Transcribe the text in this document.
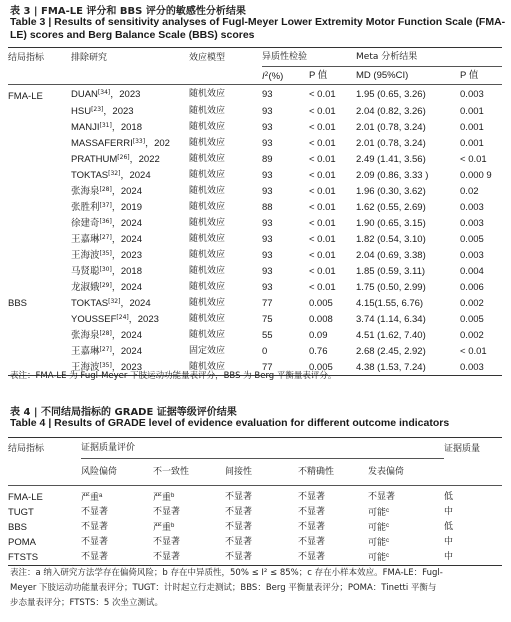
表 3 | FMA-LE 评分和 BBS 评分的敏感性分析结果
Table 3 | Results of sensitivity analyses of Fugl-Meyer Lower Extremity Motor Function Scale (FMA-
LE) scores and Berg Balance Scale (BBS) scores
结局指标	排除研究	效应模型	异质性检验		Meta 分析结果	
			$I^2(\%)$	P 值	MD (95%CI)	P 值
FMA-LE	DUAN[34]，2023	随机效应	93	< 0.01	1.95 (0.65, 3.26)	0.003
	HSU[23]，2023	随机效应	93	< 0.01	2.04 (0.82, 3.26)	0.001
	MANJI[31]，2018	随机效应	93	< 0.01	2.01 (0.78, 3.24)	0.001
	MASSAFERRI[33]，202	随机效应	93	< 0.01	2.01 (0.78, 3.24)	0.001
	PRATHUM[26]，2022	随机效应	89	< 0.01	2.49 (1.41, 3.56)	< 0.01
	TOKTAS[32]，2024	随机效应	93	< 0.01	2.09 (0.86, 3.33 )	0.000 9
	张海泉[28]，2024	随机效应	93	< 0.01	1.96 (0.30, 3.62)	0.02
	张胜利[37]，2019	随机效应	88	< 0.01	1.62 (0.55, 2.69)	0.003
	徐建奇[36]，2024	随机效应	93	< 0.01	1.90 (0.65, 3.15)	0.003
	王嘉琳[27]，2024	随机效应	93	< 0.01	1.82 (0.54, 3.10)	0.005
	王海波[35]，2023	随机效应	93	< 0.01	2.04 (0.69, 3.38)	0.003
	马贤聪[30]，2018	随机效应	93	< 0.01	1.85 (0.59, 3.11)	0.004
	龙淑娥[29]，2024	随机效应	93	< 0.01	1.75 (0.50, 2.99)	0.006
BBS	TOKTAS[32]，2024	随机效应	77	0.005	4.15(1.55, 6.76)	0.002
	YOUSSEF[24]，2023	随机效应	75	0.008	3.74 (1.14, 6.34)	0.005
	张海泉[28]，2024	随机效应	55	0.09	4.51 (1.62, 7.40)	0.002
	王嘉琳[27]，2024	固定效应	0	0.76	2.68 (2.45, 2.92)	< 0.01
	王海波[35]，2023	随机效应	77	0.005	4.38 (1.53, 7.24)	0.003
表注：FMA-LE 为 Fugl-Meyer 下肢运动功能量表评分，BBS 为 Berg 平衡量表评分。
表 4 | 不同结局指标的 GRADE 证据等级评价结果
Table 4 | Results of GRADE level of evidence evaluation for different outcome indicators
结局指标	证据质量评价					证据质量
	风险偏倚	不一致性	间接性	不精确性	发表偏倚	
FMA-LE	严重$^a$	严重$^b$	不显著	不显著	不显著	低
TUGT	不显著	不显著	不显著	不显著	可能$^c$	中
BBS	不显著	严重$^b$	不显著	不显著	可能$^c$	低
POMA	不显著	不显著	不显著	不显著	可能$^c$	中
FTSTS	不显著	不显著	不显著	不显著	可能$^c$	中
表注：a 纳入研究方法学存在偏倚风险；b 存在中异质性，50% ≤ I² ≤ 85%；c 存在小样本效应。FMA-LE：Fugl-
Meyer 下肢运动功能量表评分；TUGT：计时起立行走测试；BBS：Berg 平衡量表评分；POMA：Tinetti 平衡与
步态量表评分；FTSTS：5 次坐立测试。
